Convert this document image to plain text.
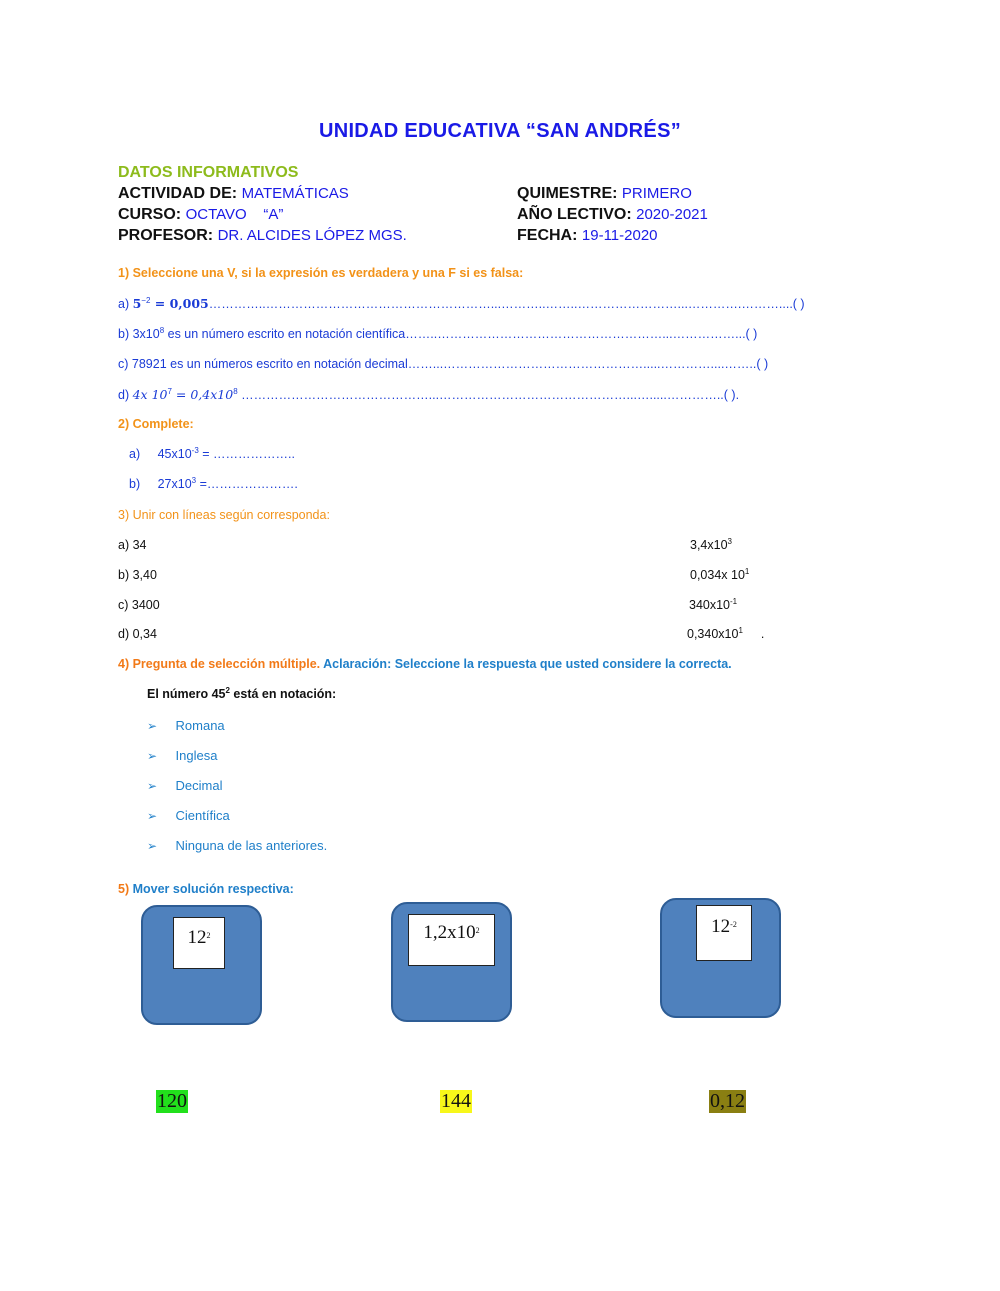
UNIDAD EDUCATIVA “SAN ANDRÉS”
DATOS INFORMATIVOS
ACTIVIDAD DE: MATEMÁTICAS
CURSO: OCTAVO    “A”
PROFESOR: DR. ALCIDES LÓPEZ MGS.
QUIMESTRE: PRIMERO
AÑO LECTIVO: 2020-2021
FECHA: 19-11-2020
1) Seleccione una V, si la expresión es verdadera y una F si es falsa:
a) $5^{-2}$ = 0,005…………..………………………………………………...………..……..……………………...………….………....( )
b) $3x10^8$ es un número escrito en notación científica……..………………………………………………...……………...( )
c) 78921 es un números escrito en notación decimal……...………………………………………….....…………....……..( )
d) 4x $10^7 = 0,4x10^8$ ………………………………………...………………………………………...….....…………..( ).
2) Complete:
a) $45x10^{-3}$ = ………………..
b) $27x10^3$ =………………….
3) Unir con líneas según corresponda:
a) 34
b) 3,40
c) 3400
d) 0,34
$3,4x10^3$
0,034x $10^1$
$340x10^{-1}$
$0,340x10^1$ .
4) Pregunta de selección múltiple. Aclaración: Seleccione la respuesta que usted considere la correcta.
El número $45^2$ está en notación:
➢ Romana
➢ Inglesa
➢ Decimal
➢ Científica
➢ Ninguna de las anteriores.
5) Mover solución respectiva:
$12^2$	$1,2x10^2$	$12^{-2}$
120	144	0,12
